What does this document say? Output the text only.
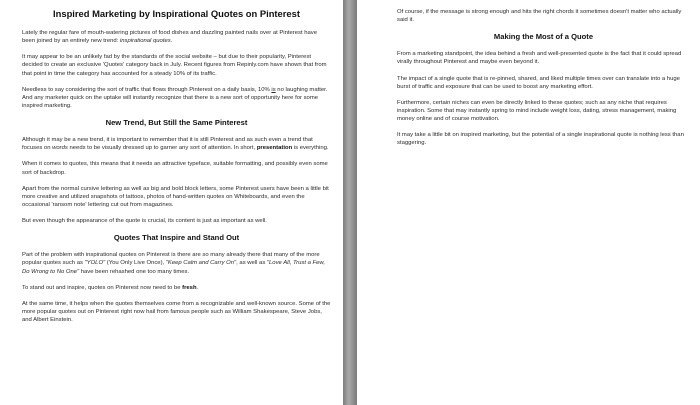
Inspired Marketing by Inspirational Quotes on Pinterest

Lately the regular fare of mouth-watering pictures of food dishes and dazzling painted nails over at Pinterest have been joined by an entirely new trend: inspirational quotes.

It may appear to be an unlikely fad by the standards of the social website – but due to their popularity, Pinterest decided to create an exclusive 'Quotes' category back in July. Recent figures from Repinly.com have shown that from that point in time the category has accounted for a steady 10% of its traffic.

Needless to say considering the sort of traffic that flows through Pinterest on a daily basis, 10% is no laughing matter. And any marketer quick on the uptake will instantly recognize that there is a new sort of opportunity here for some inspired marketing.

New Trend, But Still the Same Pinterest

Although it may be a new trend, it is important to remember that it is still Pinterest and as such even a trend that focuses on words needs to be visually dressed up to garner any sort of attention. In short, presentation is everything.

When it comes to quotes, this means that it needs an attractive typeface, suitable formatting, and possibly even some sort of backdrop.

Apart from the normal cursive lettering as well as big and bold block letters, some Pinterest users have been a little bit more creative and utilized snapshots of tattoos, photos of hand-written quotes on Whiteboards, and even the occasional 'ransom note' lettering cut out from magazines.

But even though the appearance of the quote is crucial, its content is just as important as well.

Quotes That Inspire and Stand Out

Part of the problem with inspirational quotes on Pinterest is there are so many already there that many of the more popular quotes such as "YOLO" (You Only Live Once), "Keep Calm and Carry On", as well as "Love All, Trust a Few, Do Wrong to No One" have been rehashed one too many times.

To stand out and inspire, quotes on Pinterest now need to be fresh.

At the same time, it helps when the quotes themselves come from a recognizable and well-known source. Some of the more popular quotes out on Pinterest right now hail from famous people such as William Shakespeare, Steve Jobs, and Albert Einstein.

Of course, if the message is strong enough and hits the right chords it sometimes doesn't matter who actually said it.

Making the Most of a Quote

From a marketing standpoint, the idea behind a fresh and well-presented quote is the fact that it could spread virally throughout Pinterest and maybe even beyond it.

The impact of a single quote that is re-pinned, shared, and liked multiple times over can translate into a huge burst of traffic and exposure that can be used to boost any marketing effort.

Furthermore, certain niches can even be directly linked to these quotes; such as any niche that requires inspiration. Some that may instantly spring to mind include weight loss, dating, stress management, making money online and of course motivation.

It may take a little bit on inspired marketing, but the potential of a single inspirational quote is nothing less than staggering.
